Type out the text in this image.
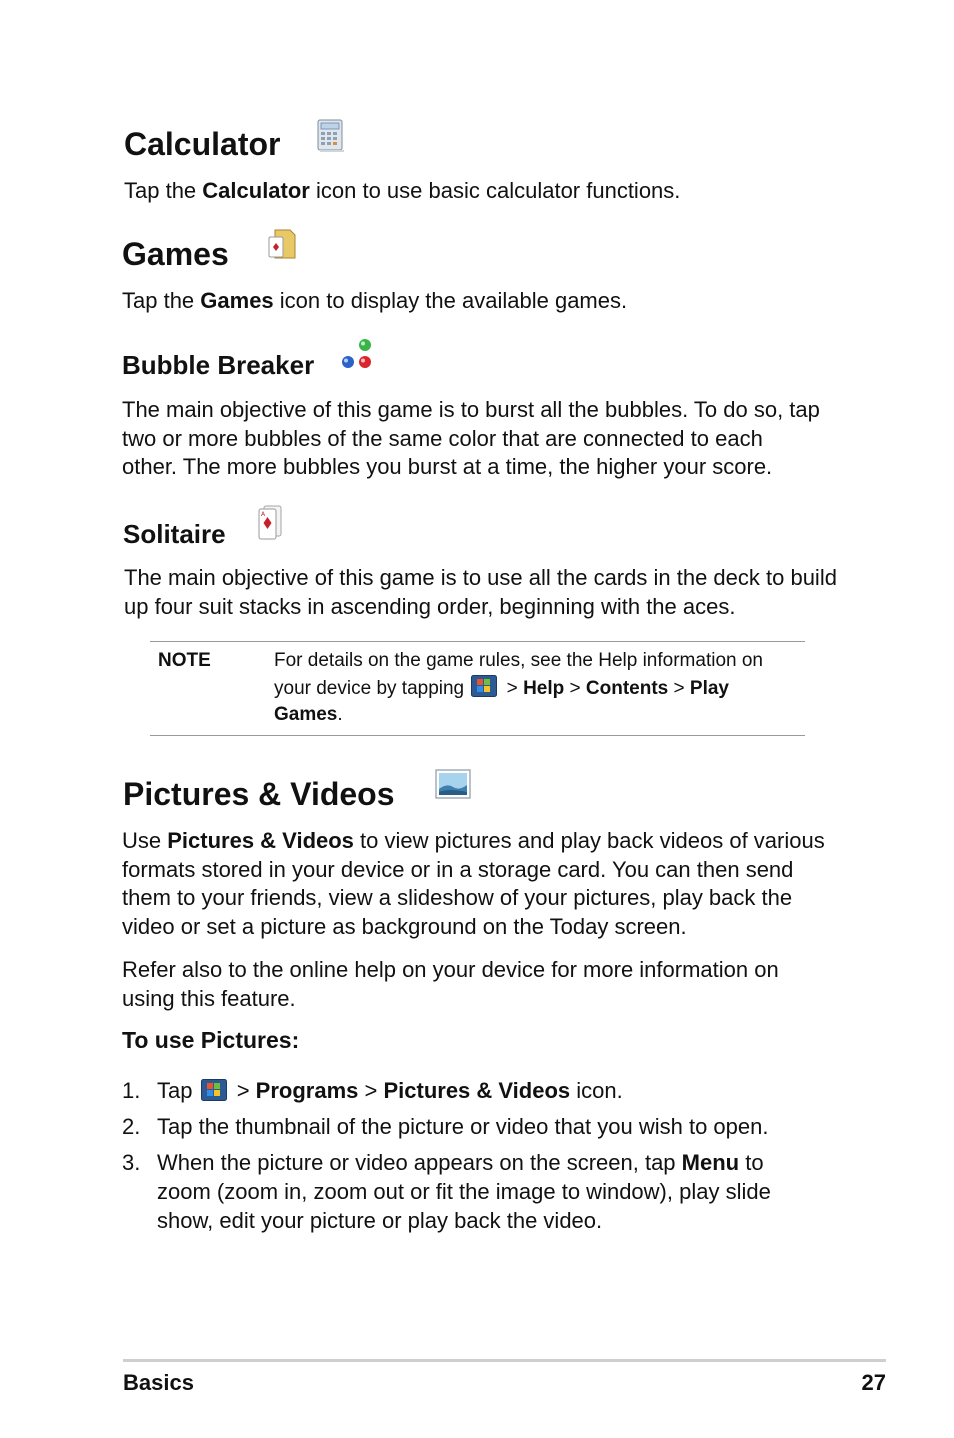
Calculator

Tap the Calculator icon to use basic calculator functions.

Games

Tap the Games icon to display the available games.

Bubble Breaker

The main objective of this game is to burst all the bubbles. To do so, tap two or more bubbles of the same color that are connected to each other. The more bubbles you burst at a time, the higher your score.

Solitaire
A

The main objective of this game is to use all the cards in the deck to build up four suit stacks in ascending order, beginning with the aces.

NOTE	For details on the game rules, see the Help information on your device by tapping  > Help > Contents > Play Games.
Pictures & Videos

Use Pictures & Videos to view pictures and play back videos of various formats stored in your device or in a storage card. You can then send them to your friends, view a slideshow of your pictures, play back the video or set a picture as background on the Today screen.

Refer also to the online help on your device for more information on using this feature.

To use Pictures:
1. Tap  > Programs > Pictures & Videos icon.
2. Tap the thumbnail of the picture or video that you wish to open.
3. When the picture or video appears on the screen, tap Menu to zoom (zoom in, zoom out or fit the image to window), play slide show, edit your picture or play back the video.
Basics	27
